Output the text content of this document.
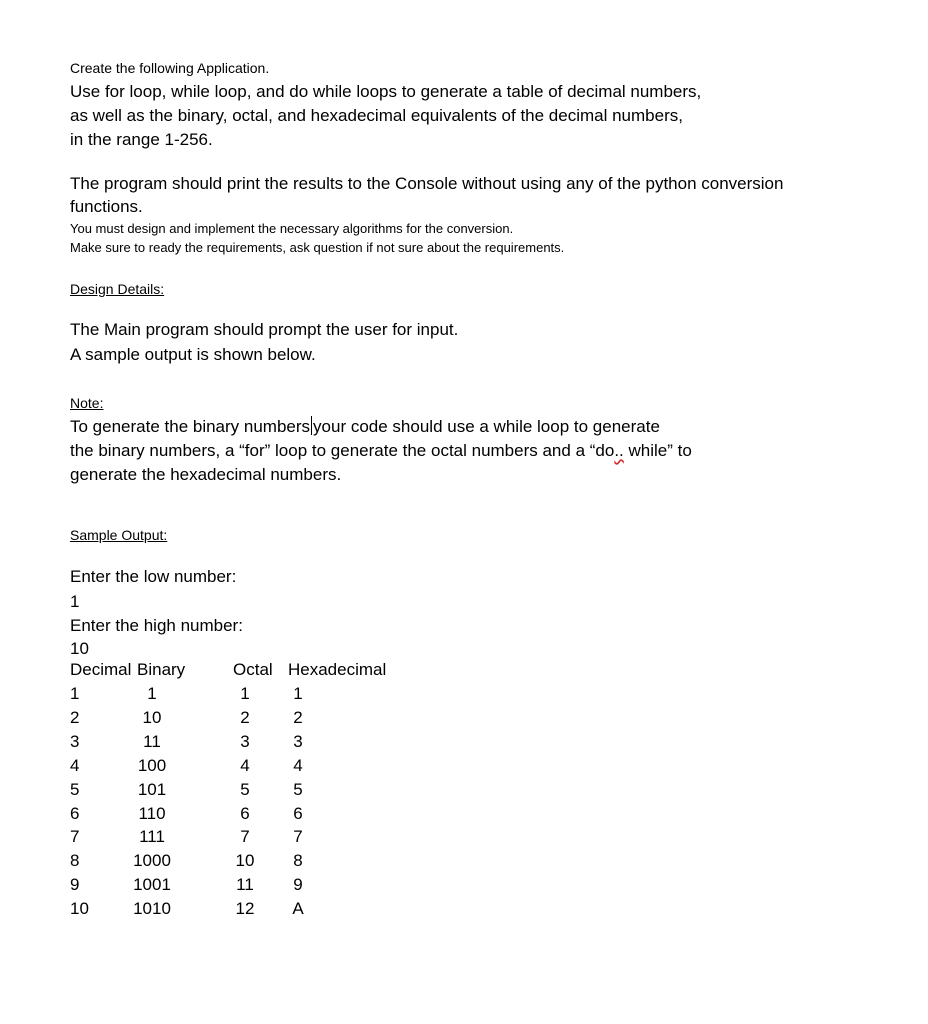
Create the following Application.
Use for loop, while loop, and do while loops to generate a table of decimal numbers,
as well as the binary, octal, and hexadecimal equivalents of the decimal numbers,
in the range 1-256.
The program should print the results to the Console without using any of the python conversion
functions.
You must design and implement the necessary algorithms for the conversion.
Make sure to ready the requirements, ask question if not sure about the requirements.
Design Details:
The Main program should prompt the user for input.
A sample output is shown below.
Note:
To generate the binary numbers your code should use a while loop to generate
the binary numbers, a “for” loop to generate the octal numbers and a “do.. while” to
generate the hexadecimal numbers.
Sample Output:
Enter the low number:
1
Enter the high number:
10
Decimal Binary	Octal Hexadecimal
1	1	1	1
2	10	2	2
3	11	3	3
4	100	4	4
5	101	5	5
6	110	6	6
7	111	7	7
8	1000	10	8
9	1001	11	9
10	1010	12	A
